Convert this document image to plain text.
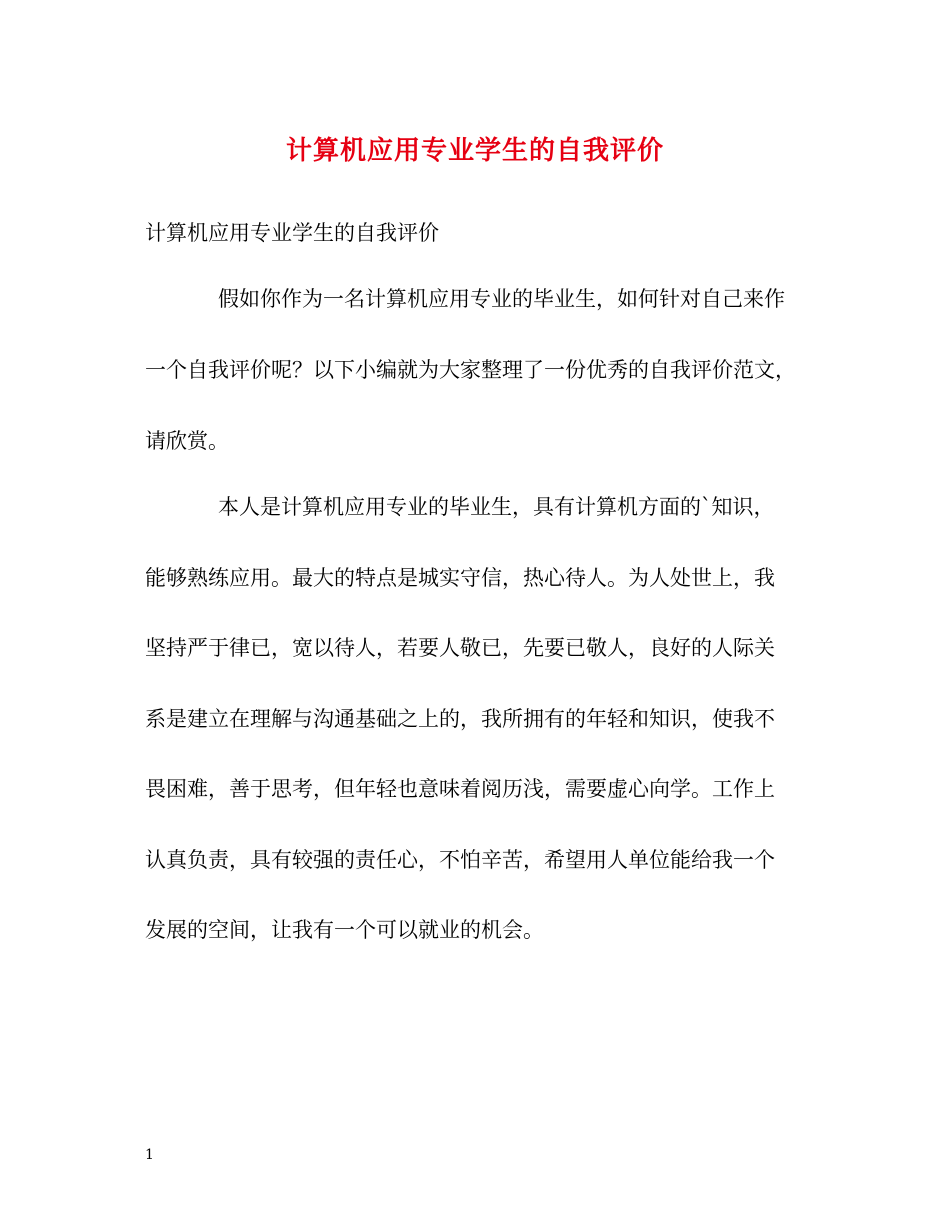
计算机应用专业学生的自我评价
计算机应用专业学生的自我评价
假如你作为一名计算机应用专业的毕业生，如何针对自己来作
一个自我评价呢？以下小编就为大家整理了一份优秀的自我评价范文，
请欣赏。
本人是计算机应用专业的毕业生，具有计算机方面的`知识，
能够熟练应用。最大的特点是城实守信，热心待人。为人处世上，我
坚持严于律已，宽以待人，若要人敬已，先要已敬人，良好的人际关
系是建立在理解与沟通基础之上的，我所拥有的年轻和知识，使我不
畏困难，善于思考，但年轻也意味着阅历浅，需要虚心向学。工作上
认真负责，具有较强的责任心，不怕辛苦，希望用人单位能给我一个
发展的空间，让我有一个可以就业的机会。
1
